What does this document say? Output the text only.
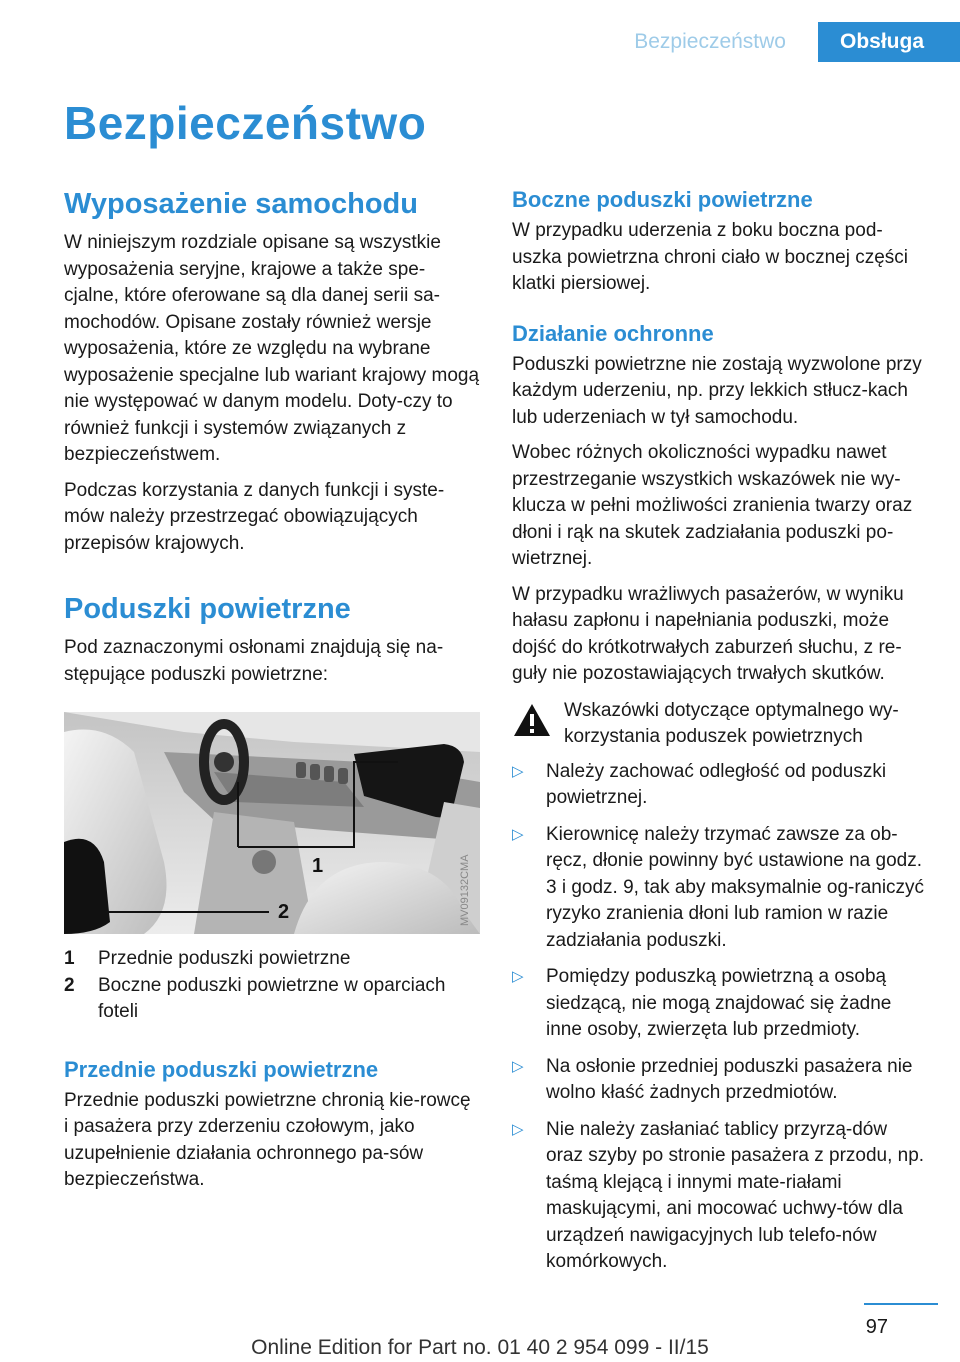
Bezpieczeństwo	Obsługa
Bezpieczeństwo
Wyposażenie samochodu

W niniejszym rozdziale opisane są wszystkie wyposażenia seryjne, krajowe a także spe-cjalne, które oferowane są dla danej serii sa-mochodów. Opisane zostały również wersje wyposażenia, które ze względu na wybrane wyposażenie specjalne lub wariant krajowy mogą nie występować w danym modelu. Doty-czy to również funkcji i systemów związanych z bezpieczeństwem.

Podczas korzystania z danych funkcji i syste-mów należy przestrzegać obowiązujących przepisów krajowych.

Poduszki powietrzne

Pod zaznaczonymi osłonami znajdują się na-stępujące poduszki powietrzne:

1
2	MV09132CMA
1	Przednie poduszki powietrzne
2	Boczne poduszki powietrzne w oparciach foteli
Przednie poduszki powietrzne

Przednie poduszki powietrzne chronią kie-rowcę i pasażera przy zderzeniu czołowym, jako uzupełnienie działania ochronnego pa-sów bezpieczeństwa.

Boczne poduszki powietrzne

W przypadku uderzenia z boku boczna pod-uszka powietrzna chroni ciało w bocznej części klatki piersiowej.

Działanie ochronne

Poduszki powietrzne nie zostają wyzwolone przy każdym uderzeniu, np. przy lekkich stłucz-kach lub uderzeniach w tył samochodu.

Wobec różnych okoliczności wypadku nawet przestrzeganie wszystkich wskazówek nie wy-klucza w pełni możliwości zranienia twarzy oraz dłoni i rąk na skutek zadziałania poduszki po-wietrznej.

W przypadku wrażliwych pasażerów, w wyniku hałasu zapłonu i napełniania poduszki, może dojść do krótkotrwałych zaburzeń słuchu, z re-guły nie pozostawiających trwałych skutków.

Wskazówki dotyczące optymalnego wy-korzystania poduszek powietrznych
▷	Należy zachować odległość od poduszki powietrznej.
▷	Kierownicę należy trzymać zawsze za ob-ręcz, dłonie powinny być ustawione na godz. 3 i godz. 9, tak aby maksymalnie og-raniczyć ryzyko zranienia dłoni lub ramion w razie zadziałania poduszki.
▷	Pomiędzy poduszką powietrzną a osobą siedzącą, nie mogą znajdować się żadne inne osoby, zwierzęta lub przedmioty.
▷	Na osłonie przedniej poduszki pasażera nie wolno kłaść żadnych przedmiotów.
▷	Nie należy zasłaniać tablicy przyrzą-dów oraz szyby po stronie pasażera z przodu, np. taśmą klejącą i innymi mate-riałami maskującymi, ani mocować uchwy-tów dla urządzeń nawigacyjnych lub telefo-nów komórkowych.
97
Online Edition for Part no. 01 40 2 954 099 - II/15
